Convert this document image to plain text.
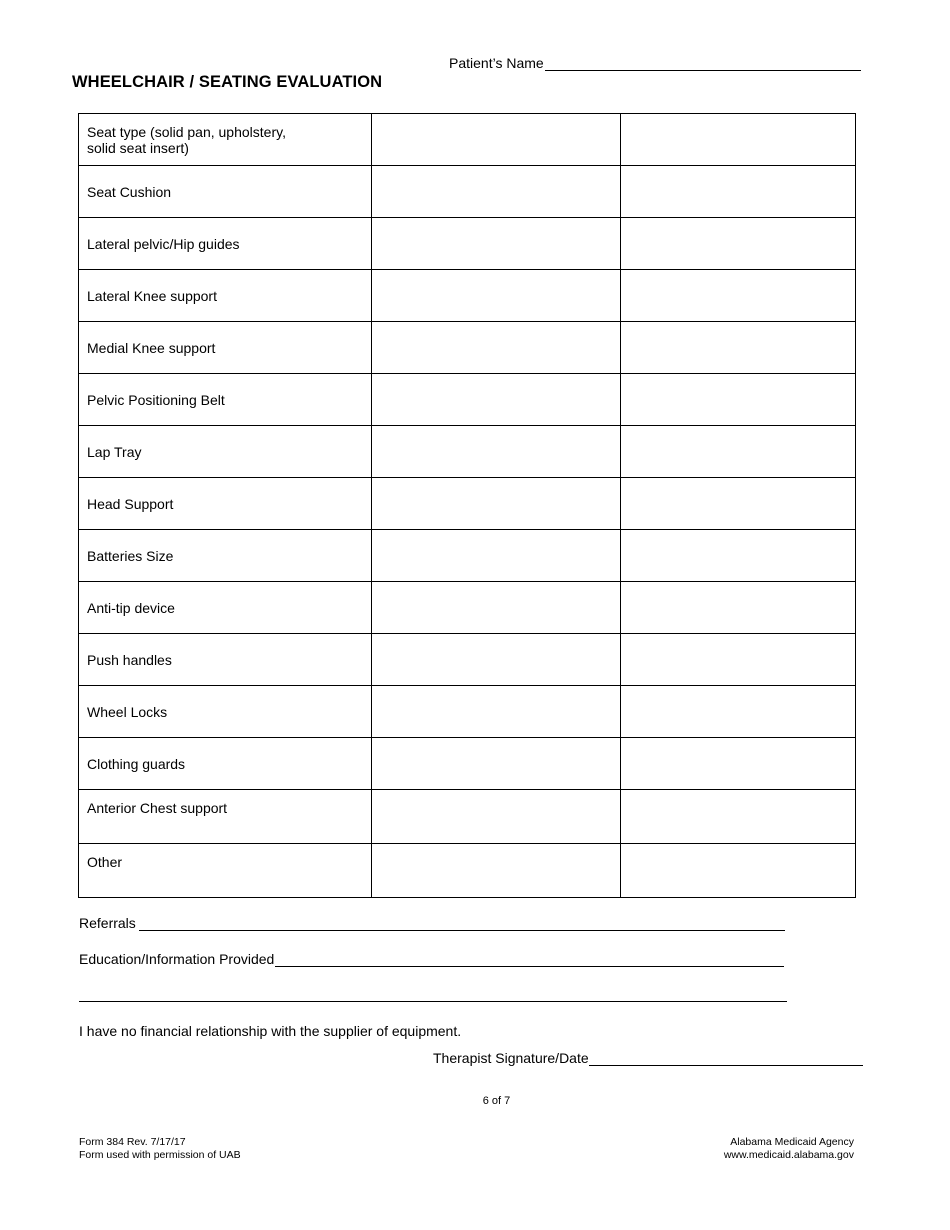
Patient’s Name
WHEELCHAIR / SEATING EVALUATION
Seat type (solid pan, upholstery, solid seat insert)		

Seat Cushion		

Lateral pelvic/Hip guides		

Lateral Knee support		

Medial Knee support		

Pelvic Positioning Belt		

Lap Tray		

Head Support		

Batteries Size		

Anti-tip device		

Push handles		

Wheel Locks		

Clothing guards		

Anterior Chest support		

Other		

Referrals
Education/Information Provided
I have no financial relationship with the supplier of equipment.
Therapist Signature/Date
6 of 7
Form 384 Rev. 7/17/17
Form used with permission of UAB
Alabama Medicaid Agency
www.medicaid.alabama.gov
